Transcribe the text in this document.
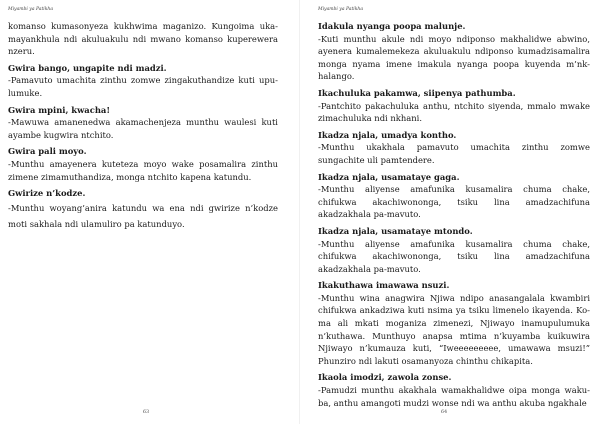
Miyambi ya Patikha

komanso kumasonyeza kukhwima maganizo. Kungoima uka-mayankhula ndi akuluakulu ndi mwano komanso kuperewera nzeru.

Gwira bango, ungapite ndi madzi.

-Pamavuto umachita zinthu zomwe zingakuthandize kuti upu-lumuke.

Gwira mpini, kwacha!

-Mawuwa amanenedwa akamachenjeza munthu waulesi kuti ayambe kugwira ntchito.

Gwira pali moyo.

-Munthu amayenera kuteteza moyo wake posamalira zinthu zimene zimamuthandiza, monga ntchito kapena katundu.

Gwirize n’kodze.

-Munthu woyang’anira katundu wa ena ndi gwirize n’kodze moti sakhala ndi ulamuliro pa katunduyo.

63
Miyambi ya Patikha

Idakula nyanga poopa malunje.

-Kuti munthu akule ndi moyo ndiponso makhalidwe abwino, ayenera kumalemekeza akuluakulu ndiponso kumadzisamalira monga nyama imene imakula nyanga poopa kuyenda m’nk-halango.

Ikachuluka pakamwa, siipenya pathumba.

-Pantchito pakachuluka anthu, ntchito siyenda, mmalo mwake zimachuluka ndi nkhani.

Ikadza njala, umadya kontho.

-Munthu ukakhala pamavuto umachita zinthu zomwe sungachite uli pamtendere.

Ikadza njala, usamataye gaga.

-Munthu aliyense amafunika kusamalira chuma chake, chifukwa akachiwononga, tsiku lina amadzachifuna akadzakhala pa-mavuto.

Ikadza njala, usamataye mtondo.

-Munthu aliyense amafunika kusamalira chuma chake, chifukwa akachiwononga, tsiku lina amadzachifuna akadzakhala pa-mavuto.

Ikakuthawa imawawa nsuzi.

-Munthu wina anagwira Njiwa ndipo anasangalala kwambiri chifukwa ankadziwa kuti nsima ya tsiku limenelo ikayenda. Ko-ma ali mkati moganiza zimenezi, Njiwayo inamupulumuka n’kuthawa. Munthuyo anapsa mtima n’kuyamba kuikuwira Njiwayo n’kumauza kuti, “Iweeeeeeeee, umawawa msuzi!” Phunziro ndi lakuti osamanyoza chinthu chikapita.

Ikaola imodzi, zawola zonse.

-Pamudzi munthu akakhala wamakhalidwe oipa monga waku-ba, anthu amangoti mudzi wonse ndi wa anthu akuba ngakhale

64
